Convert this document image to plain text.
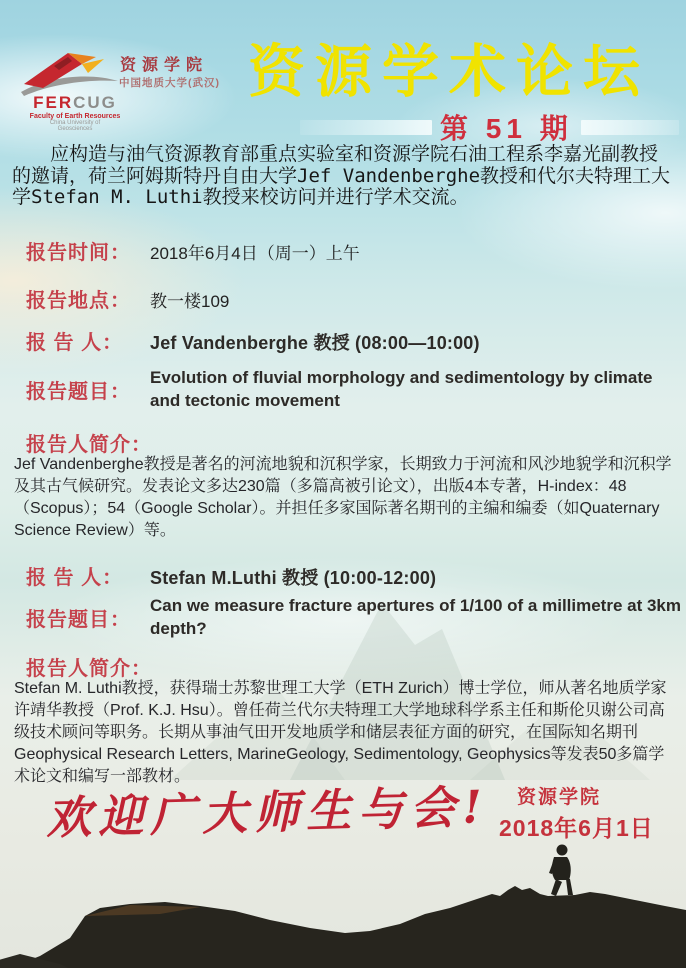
FERCUG
Faculty of Earth Resources
China University of
Geosciences
资源学院
中国地质大学(武汉) 资源学术论坛
第 51 期
应构造与油气资源教育部重点实验室和资源学院石油工程系李嘉光副教授的邀请，荷兰阿姆斯特丹自由大学Jef Vandenberghe教授和代尔夫特理工大学Stefan M. Luthi教授来校访问并进行学术交流。
报告时间：	2018年6月4日（周一）上午
报告地点：	教一楼109
报 告 人：	Jef Vandenberghe 教授 (08:00—10:00)
报告题目：
Evolution of fluvial morphology and sedimentology by climate and tectonic movement
报告人简介：
Jef Vandenberghe教授是著名的河流地貌和沉积学家，长期致力于河流和风沙地貌学和沉积学及其古气候研究。发表论文多达230篇（多篇高被引论文），出版4本专著，H-index：48（Scopus）；54（Google Scholar）。并担任多家国际著名期刊的主编和编委（如Quaternary Science Review）等。
报 告 人：	Stefan M.Luthi 教授 (10:00-12:00)
报告题目：
Can we measure fracture apertures of 1/100 of a millimetre at 3km depth?
报告人简介：
Stefan M. Luthi教授，获得瑞士苏黎世理工大学（ETH Zurich）博士学位，师从著名地质学家许靖华教授（Prof. K.J. Hsu）。曾任荷兰代尔夫特理工大学地球科学系主任和斯伦贝谢公司高级技术顾问等职务。长期从事油气田开发地质学和储层表征方面的研究，在国际知名期刊Geophysical Research Letters, MarineGeology, Sedimentology, Geophysics等发表50多篇学术论文和编写一部教材。
欢迎广大师生与会! 资源学院
2018年6月1日
